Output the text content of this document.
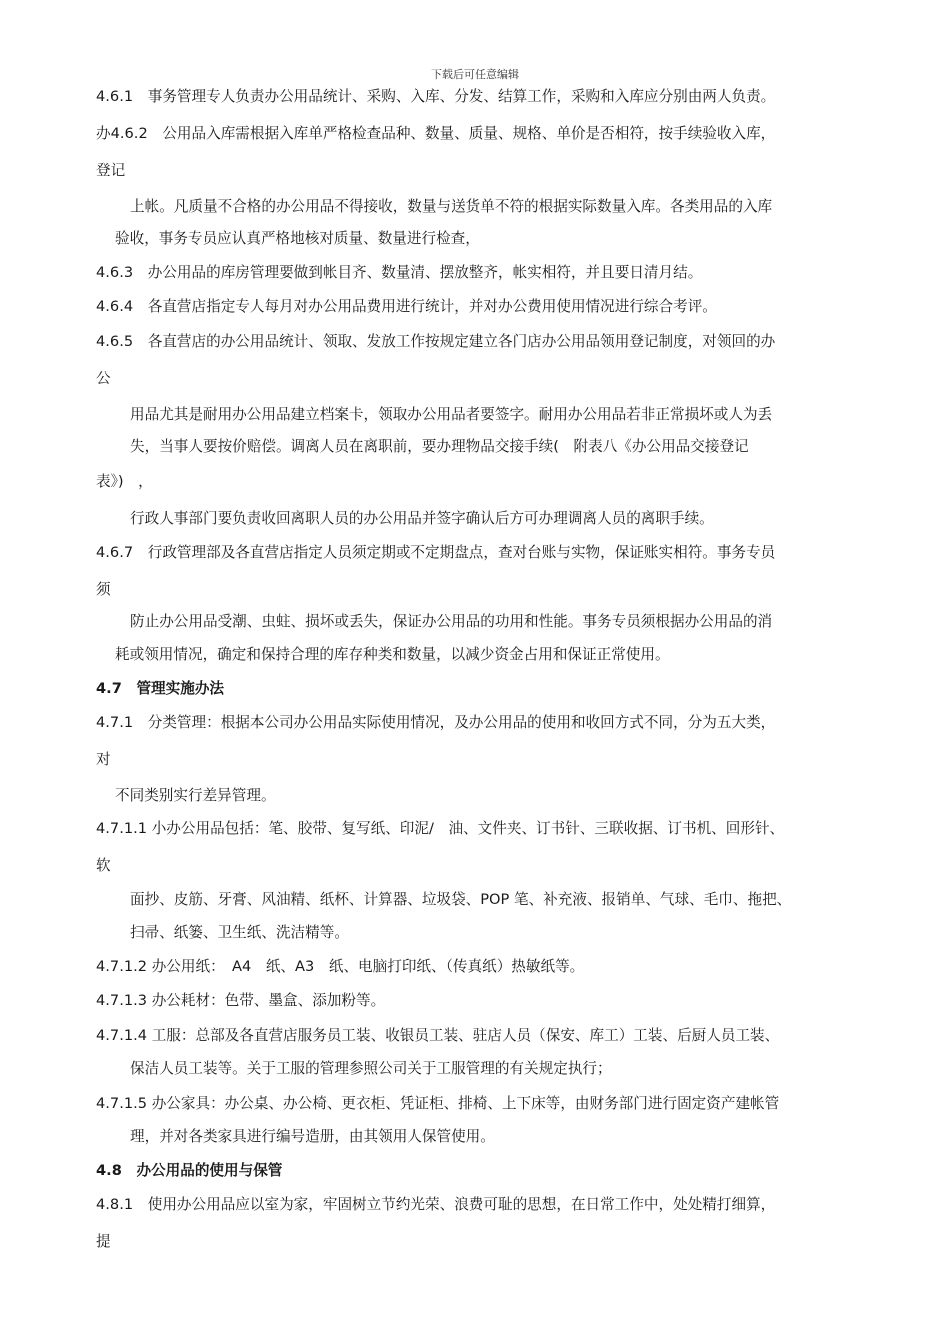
下载后可任意编辑
4.6.1　事务管理专人负责办公用品统计、采购、入库、分发、结算工作，采购和入库应分别由两人负责。
办4.6.2　公用品入库需根据入库单严格检查品种、数量、质量、规格、单价是否相符，按手续验收入库，
登记
上帐。凡质量不合格的办公用品不得接收，数量与送货单不符的根据实际数量入库。各类用品的入库
验收，事务专员应认真严格地核对质量、数量进行检查，
4.6.3　办公用品的库房管理要做到帐目齐、数量清、摆放整齐，帐实相符，并且要日清月结。
4.6.4　各直营店指定专人每月对办公用品费用进行统计，并对办公费用使用情况进行综合考评。
4.6.5　各直营店的办公用品统计、领取、发放工作按规定建立各门店办公用品领用登记制度，对领回的办
公
用品尤其是耐用办公用品建立档案卡，领取办公用品者要签字。耐用办公用品若非正常损坏或人为丢
失，当事人要按价赔偿。调离人员在离职前，要办理物品交接手续(　附表八《办公用品交接登记
表》)　，
行政人事部门要负责收回离职人员的办公用品并签字确认后方可办理调离人员的离职手续。
4.6.7　行政管理部及各直营店指定人员须定期或不定期盘点，查对台账与实物，保证账实相符。事务专员
须
防止办公用品受潮、虫蛀、损坏或丢失，保证办公用品的功用和性能。事务专员须根据办公用品的消
耗或领用情况，确定和保持合理的库存种类和数量，以减少资金占用和保证正常使用。
4.7　管理实施办法
4.7.1　分类管理：根据本公司办公用品实际使用情况，及办公用品的使用和收回方式不同，分为五大类，
对
不同类别实行差异管理。
4.7.1.1 小办公用品包括：笔、胶带、复写纸、印泥/　油、文件夹、订书针、三联收据、订书机、回形针、
软
面抄、皮筋、牙膏、风油精、纸杯、计算器、垃圾袋、POP 笔、补充液、报销单、气球、毛巾、拖把、
扫帚、纸篓、卫生纸、洗洁精等。
4.7.1.2 办公用纸：　A4　纸、A3　纸、电脑打印纸、（传真纸）热敏纸等。
4.7.1.3 办公耗材：色带、墨盒、添加粉等。
4.7.1.4 工服：总部及各直营店服务员工装、收银员工装、驻店人员（保安、库工）工装、后厨人员工装、
保洁人员工装等。关于工服的管理参照公司关于工服管理的有关规定执行；
4.7.1.5 办公家具：办公桌、办公椅、更衣柜、凭证柜、排椅、上下床等，由财务部门进行固定资产建帐管
理，并对各类家具进行编号造册，由其领用人保管使用。
4.8　办公用品的使用与保管
4.8.1　使用办公用品应以室为家，牢固树立节约光荣、浪费可耻的思想，在日常工作中，处处精打细算，
提
